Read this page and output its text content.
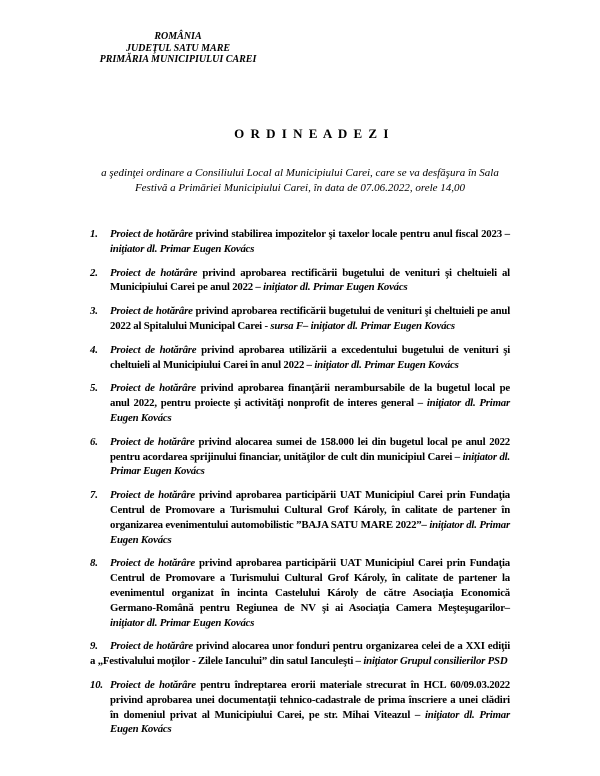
ROMÂNIA
JUDEŢUL SATU MARE
PRIMĂRIA MUNICIPIULUI CAREI
O R D I N E A D E Z I

a şedinţei ordinare a Consiliului Local al Municipiului Carei, care se va desfăşura în Sala Festivă a Primăriei Municipiului Carei, în data de 07.06.2022, orele 14,00

1. Proiect de hotărâre privind stabilirea impozitelor şi taxelor locale pentru anul fiscal 2023 – iniţiator dl. Primar Eugen Kovács
2. Proiect de hotărâre privind aprobarea rectificării bugetului de venituri şi cheltuieli al Municipiului Carei pe anul 2022 – iniţiator dl. Primar Eugen Kovács
3. Proiect de hotărâre privind aprobarea rectificării bugetului de venituri şi cheltuieli pe anul 2022 al Spitalului Municipal Carei - sursa F– iniţiator dl. Primar Eugen Kovács
4. Proiect de hotărâre privind aprobarea utilizării a excedentului bugetului de venituri şi cheltuieli al Municipiului Carei în anul 2022 – iniţiator dl. Primar Eugen Kovács
5. Proiect de hotărâre privind aprobarea finanţării nerambursabile de la bugetul local pe anul 2022, pentru proiecte şi activităţi nonprofit de interes general – iniţiator dl. Primar Eugen Kovács
6. Proiect de hotărâre privind alocarea sumei de 158.000 lei din bugetul local pe anul 2022 pentru acordarea sprijinului financiar, unităţilor de cult din municipiul Carei – iniţiator dl. Primar Eugen Kovács
7. Proiect de hotărâre privind aprobarea participării UAT Municipiul Carei prin Fundaţia Centrul de Promovare a Turismului Cultural Grof Károly, în calitate de partener în organizarea evenimentului automobilistic ”BAJA SATU MARE 2022”– iniţiator dl. Primar Eugen Kovács
8. Proiect de hotărâre privind aprobarea participării UAT Municipiul Carei prin Fundaţia Centrul de Promovare a Turismului Cultural Grof Károly, în calitate de partener la evenimentul organizat în incinta Castelului Károly de către Asociaţia Economică Germano-Română pentru Regiunea de NV şi ai Asociaţia Camera Meşteşugarilor– iniţiator dl. Primar Eugen Kovács
9. Proiect de hotărâre privind alocarea unor fonduri pentru organizarea celei de a XXI ediţii a „Festivalului moţilor - Zilele Iancului” din satul Ianculeşti – iniţiator Grupul consilierilor PSD
10. Proiect de hotărâre pentru îndreptarea erorii materiale strecurat în HCL 60/09.03.2022 privind aprobarea unei documentaţii tehnico-cadastrale de prima înscriere a unei clădiri în domeniul privat al Municipiului Carei, pe str. Mihai Viteazul – iniţiator dl. Primar Eugen Kovács
